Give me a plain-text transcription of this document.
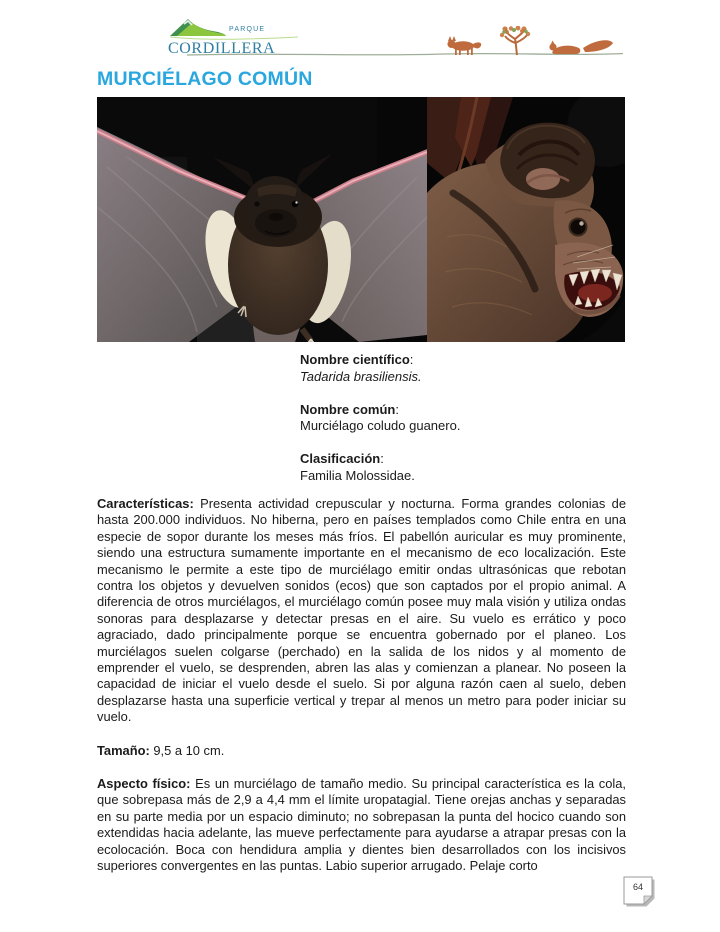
PARQUE
CORDILLERA
MURCIÉLAGO COMÚN

Nombre científico:
Tadarida brasiliensis.

Nombre común:
Murciélago coludo guanero.

Clasificación:
Familia Molossidae.

Características: Presenta actividad crepuscular y nocturna. Forma grandes colonias de hasta 200.000 individuos. No hiberna, pero en países templados como Chile entra en una especie de sopor durante los meses más fríos. El pabellón auricular es muy prominente, siendo una estructura sumamente importante en el mecanismo de eco localización. Este mecanismo le permite a este tipo de murciélago emitir ondas ultrasónicas que rebotan contra los objetos y devuelven sonidos (ecos) que son captados por el propio animal. A diferencia de otros murciélagos, el murciélago común posee muy mala visión y utiliza ondas sonoras para desplazarse y detectar presas en el aire. Su vuelo es errático y poco agraciado, dado principalmente porque se encuentra gobernado por el planeo. Los murciélagos suelen colgarse (perchado) en la salida de los nidos y al momento de emprender el vuelo, se desprenden, abren las alas y comienzan a planear. No poseen la capacidad de iniciar el vuelo desde el suelo. Si por alguna razón caen al suelo, deben desplazarse hasta una superficie vertical y trepar al menos un metro para poder iniciar su vuelo.

Tamaño: 9,5 a 10 cm.

Aspecto físico: Es un murciélago de tamaño medio. Su principal característica es la cola, que sobrepasa más de 2,9 a 4,4 mm el límite uropatagial. Tiene orejas anchas y separadas en su parte media por un espacio diminuto; no sobrepasan la punta del hocico cuando son extendidas hacia adelante, las mueve perfectamente para ayudarse a atrapar presas con la ecolocación. Boca con hendidura amplia y dientes bien desarrollados con los incisivos superiores convergentes en las puntas. Labio superior arrugado. Pelaje corto

64
